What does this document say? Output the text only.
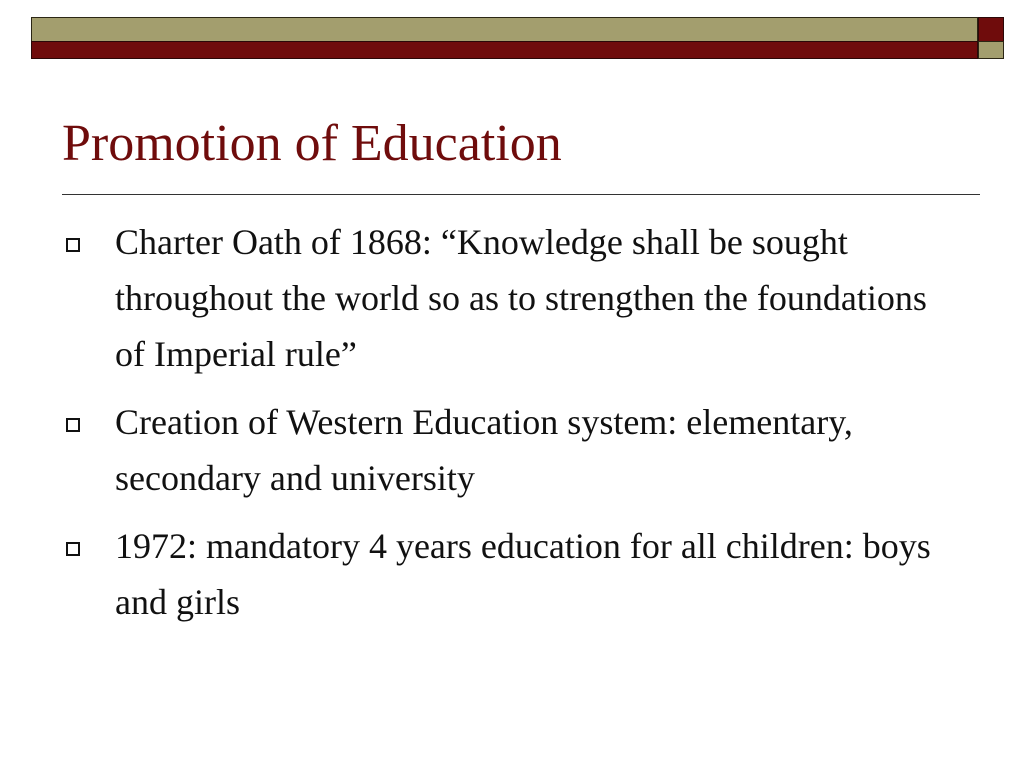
Promotion of Education
Charter Oath of 1868: “Knowledge shall be sought throughout the world so as to strengthen the foundations of Imperial rule”
Creation of Western Education system: elementary, secondary and university
1972: mandatory 4 years education for all children: boys and girls
